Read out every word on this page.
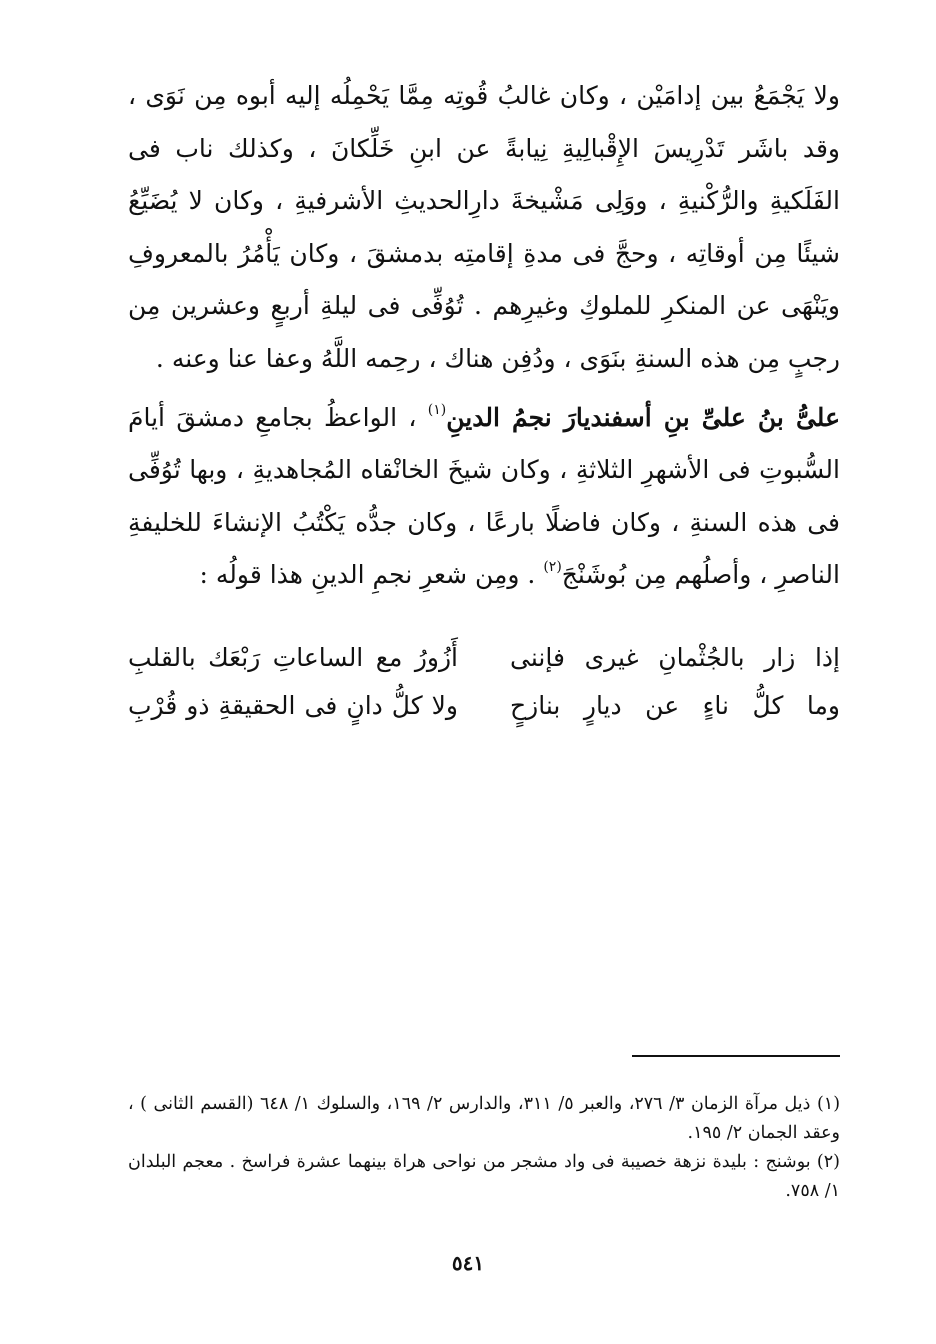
ولا يَجْمَعُ بين إدامَيْن ، وكان غالبُ قُوتِه مِمَّا يَحْمِلُه إليه أبوه مِن نَوَى ، وقد باشَر تَدْرِيسَ الإِقْبالِيةِ نِيابةً عن ابنِ خَلِّكانَ ، وكذلك ناب فى الفَلَكيةِ والرُّكْنيةِ ، ووَلِى مَشْيخةَ دارِالحديثِ الأشرفيةِ ، وكان لا يُضَيِّعُ شيئًا مِن أوقاتِه ، وحجَّ فى مدةِ إقامتِه بدمشقَ ، وكان يَأْمُرُ بالمعروفِ ويَنْهَى عن المنكرِ للملوكِ وغيرِهم . تُوُفِّى فى ليلةِ أربعٍ وعشرين مِن رجبٍ مِن هذه السنةِ بنَوَى ، ودُفِن هناك ، رحِمه اللَّهُ وعفا عنا وعنه .

علىُّ بنُ علىِّ بنِ أسفنديارَ نجمُ الدينِ$^{(١)}$ ، الواعظُ بجامعِ دمشقَ أيامَ السُّبوتِ فى الأشهرِ الثلاثةِ ، وكان شيخَ الخانْقاه المُجاهديةِ ، وبها تُوُفِّى فى هذه السنةِ ، وكان فاضلًا بارعًا ، وكان جدُّه يَكْتُبُ الإنشاءَ للخليفةِ الناصرِ ، وأصلُهم مِن بُوشَنْجَ$^{(٢)}$ . ومِن شعرِ نجمِ الدينِ هذا قولُه :

إذا زار بالجُثْمانِ غيرى فإننى
أَزُورُ مع الساعاتِ رَبْعَك بالقلبِ
وما كلُّ ناءٍ عن ديارٍ بنازحٍ
ولا كلُّ دانٍ فى الحقيقةِ ذو قُرْبِ

(١) ذيل مرآة الزمان ٣/ ٢٧٦، والعبر ٥/ ٣١١، والدارس ٢/ ١٦٩، والسلوك ١/ ٦٤٨ (القسم الثانى ) ، وعقد الجمان ٢/ ١٩٥.

(٢) بوشنج : بليدة نزهة خصيبة فى واد مشجر من نواحى هراة بينهما عشرة فراسخ . معجم البلدان ١/ ٧٥٨.

٥٤١
